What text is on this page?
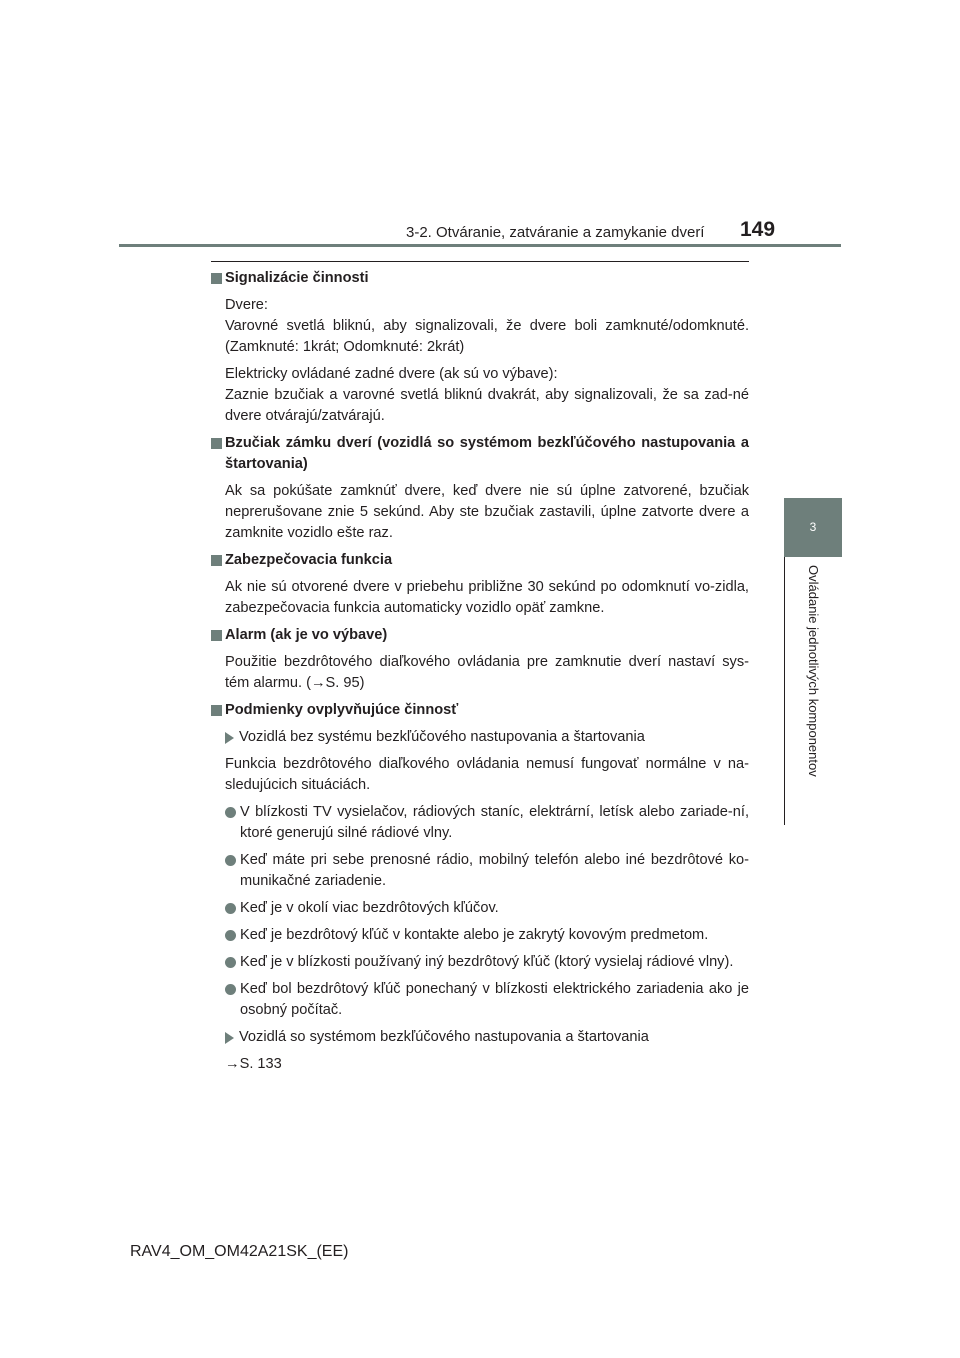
3-2. Otváranie, zatváranie a zamykanie dverí 149
3
Ovládanie jednotlivých komponentov

Signalizácie činnosti

Dvere:

Varovné svetlá bliknú, aby signalizovali, že dvere boli zamknuté/odomknuté. (Zamknuté: 1krát; Odomknuté: 2krát)

Elektricky ovládané zadné dvere (ak sú vo výbave):

Zaznie bzučiak a varovné svetlá bliknú dvakrát, aby signalizovali, že sa zad-né dvere otvárajú/zatvárajú.

Bzučiak zámku dverí (vozidlá so systémom bezkľúčového nastupovania a štartovania)

Ak sa pokúšate zamknúť dvere, keď dvere nie sú úplne zatvorené, bzučiak neprerušovane znie 5 sekúnd. Aby ste bzučiak zastavili, úplne zatvorte dvere a zamknite vozidlo ešte raz.

Zabezpečovacia funkcia

Ak nie sú otvorené dvere v priebehu približne 30 sekúnd po odomknutí vo-zidla, zabezpečovacia funkcia automaticky vozidlo opäť zamkne.

Alarm (ak je vo výbave)

Použitie bezdrôtového diaľkového ovládania pre zamknutie dverí nastaví sys-tém alarmu. (→S. 95)

Podmienky ovplyvňujúce činnosť

Vozidlá bez systému bezkľúčového nastupovania a štartovania

Funkcia bezdrôtového diaľkového ovládania nemusí fungovať normálne v na-sledujúcich situáciách.

V blízkosti TV vysielačov, rádiových staníc, elektrární, letísk alebo zariade-ní, ktoré generujú silné rádiové vlny.

Keď máte pri sebe prenosné rádio, mobilný telefón alebo iné bezdrôtové ko-munikačné zariadenie.

Keď je v okolí viac bezdrôtových kľúčov.

Keď je bezdrôtový kľúč v kontakte alebo je zakrytý kovovým predmetom.

Keď je v blízkosti používaný iný bezdrôtový kľúč (ktorý vysielaj rádiové vlny).

Keď bol bezdrôtový kľúč ponechaný v blízkosti elektrického zariadenia ako je osobný počítač.

Vozidlá so systémom bezkľúčového nastupovania a štartovania

→S. 133

RAV4_OM_OM42A21SK_(EE)
